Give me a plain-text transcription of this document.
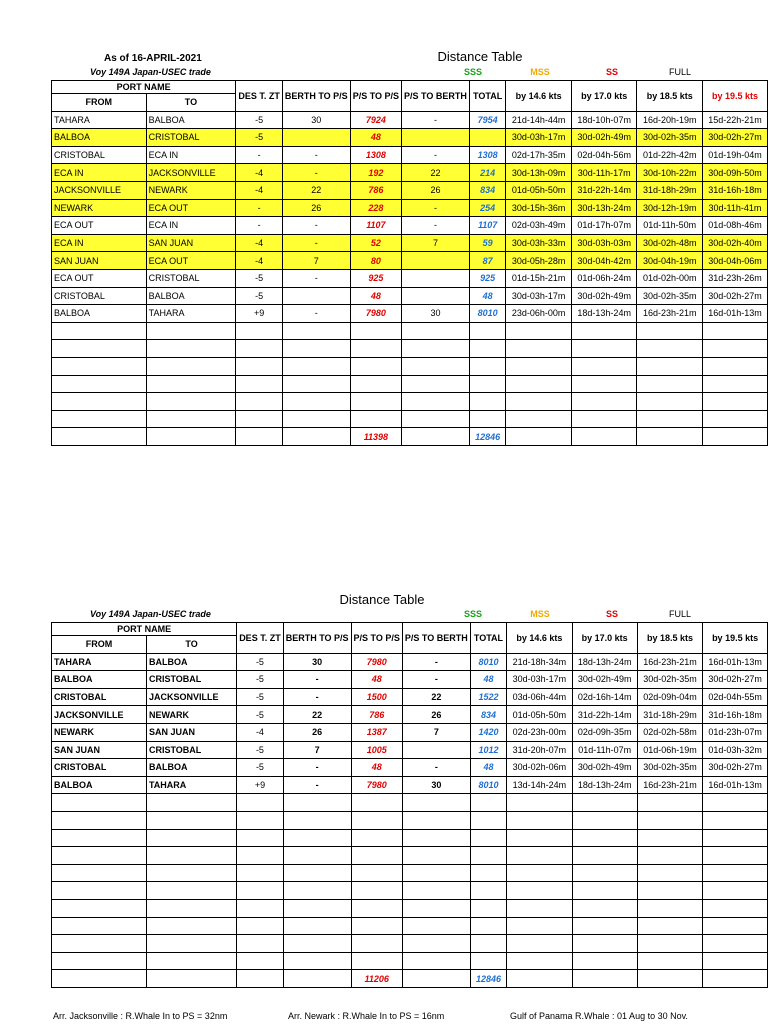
As of 16-APRIL-2021
Voy 149A Japan-USEC trade
Distance Table
SSS	MSS	SS	FULL
PORT NAME		DES T. ZT	BERTH TO P/S	P/S TO P/S	P/S TO BERTH	TOTAL	by 14.6 kts	by 17.0 kts	by 18.5 kts	by 19.5 kts
FROM	TO									
TAHARA	BALBOA	-5	30	7924	-	7954	21d-14h-44m	18d-10h-07m	16d-20h-19m	15d-22h-21m
BALBOA	CRISTOBAL	-5		48			30d-03h-17m	30d-02h-49m	30d-02h-35m	30d-02h-27m
CRISTOBAL	ECA IN	-	-	1308	-	1308	02d-17h-35m	02d-04h-56m	01d-22h-42m	01d-19h-04m
ECA IN	JACKSONVILLE	-4	-	192	22	214	30d-13h-09m	30d-11h-17m	30d-10h-22m	30d-09h-50m
JACKSONVILLE	NEWARK	-4	22	786	26	834	01d-05h-50m	31d-22h-14m	31d-18h-29m	31d-16h-18m
NEWARK	ECA OUT	-	26	228	-	254	30d-15h-36m	30d-13h-24m	30d-12h-19m	30d-11h-41m
ECA OUT	ECA IN	-	-	1107	-	1107	02d-03h-49m	01d-17h-07m	01d-11h-50m	01d-08h-46m
ECA IN	SAN JUAN	-4	-	52	7	59	30d-03h-33m	30d-03h-03m	30d-02h-48m	30d-02h-40m
SAN JUAN	ECA OUT	-4	7	80		87	30d-05h-28m	30d-04h-42m	30d-04h-19m	30d-04h-06m
ECA OUT	CRISTOBAL	-5	-	925		925	01d-15h-21m	01d-06h-24m	01d-02h-00m	31d-23h-26m
CRISTOBAL	BALBOA	-5		48		48	30d-03h-17m	30d-02h-49m	30d-02h-35m	30d-02h-27m
BALBOA	TAHARA	+9	-	7980	30	8010	23d-06h-00m	18d-13h-24m	16d-23h-21m	16d-01h-13m

				11398		12846				
Distance Table
Voy 149A Japan-USEC trade	SSS	MSS	SS	FULL
PORT NAME		DES T. ZT	BERTH TO P/S	P/S TO P/S	P/S TO BERTH	TOTAL	by 14.6 kts	by 17.0 kts	by 18.5 kts	by 19.5 kts
FROM	TO									
TAHARA	BALBOA	-5	30	7980	-	8010	21d-18h-34m	18d-13h-24m	16d-23h-21m	16d-01h-13m
BALBOA	CRISTOBAL	-5	-	48	-	48	30d-03h-17m	30d-02h-49m	30d-02h-35m	30d-02h-27m
CRISTOBAL	JACKSONVILLE	-5	-	1500	22	1522	03d-06h-44m	02d-16h-14m	02d-09h-04m	02d-04h-55m
JACKSONVILLE	NEWARK	-5	22	786	26	834	01d-05h-50m	31d-22h-14m	31d-18h-29m	31d-16h-18m
NEWARK	SAN JUAN	-4	26	1387	7	1420	02d-23h-00m	02d-09h-35m	02d-02h-58m	01d-23h-07m
SAN JUAN	CRISTOBAL	-5	7	1005		1012	31d-20h-07m	01d-11h-07m	01d-06h-19m	01d-03h-32m
CRISTOBAL	BALBOA	-5	-	48	-	48	30d-02h-06m	30d-02h-49m	30d-02h-35m	30d-02h-27m
BALBOA	TAHARA	+9	-	7980	30	8010	13d-14h-24m	18d-13h-24m	16d-23h-21m	16d-01h-13m

				11206		12846				
Arr. Jacksonville : R.Whale In to PS = 32nm	Arr. Newark : R.Whale In to PS = 16nm	Gulf of Panama R.Whale : 01 Aug to 30 Nov.
